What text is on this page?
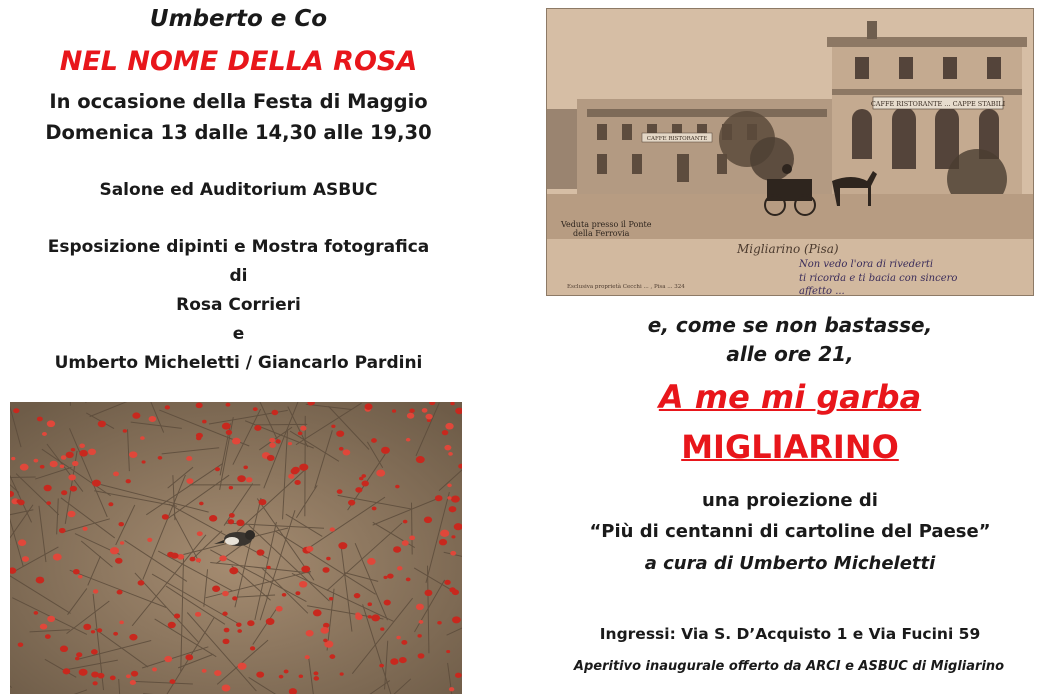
Umberto e Co
NEL NOME DELLA ROSA
In occasione della Festa di Maggio
Domenica 13 dalle 14,30 alle 19,30
Salone ed Auditorium ASBUC
Esposizione dipinti e Mostra fotografica
di
Rosa Corrieri
e
Umberto Micheletti / Giancarlo Pardini
CAFFE RISTORANTE ... CAPPE STABILI
CAFFE RISTORANTE
Veduta presso il Ponte
della Ferrovia
Migliarino (Pisa)
Esclusiva proprietà Cecchi ... , Pisa ... 324
Non vedo l'ora di rivederti
ti ricorda e ti bacia con sincero
affetto ...
e, come se non bastasse,
alle ore 21,
A me mi garba
MIGLIARINO
una proiezione di
“Più di centanni di cartoline del Paese”
a cura di Umberto Micheletti
Ingressi: Via S. D’Acquisto 1 e Via Fucini 59
Aperitivo inaugurale offerto da ARCI e ASBUC di Migliarino
